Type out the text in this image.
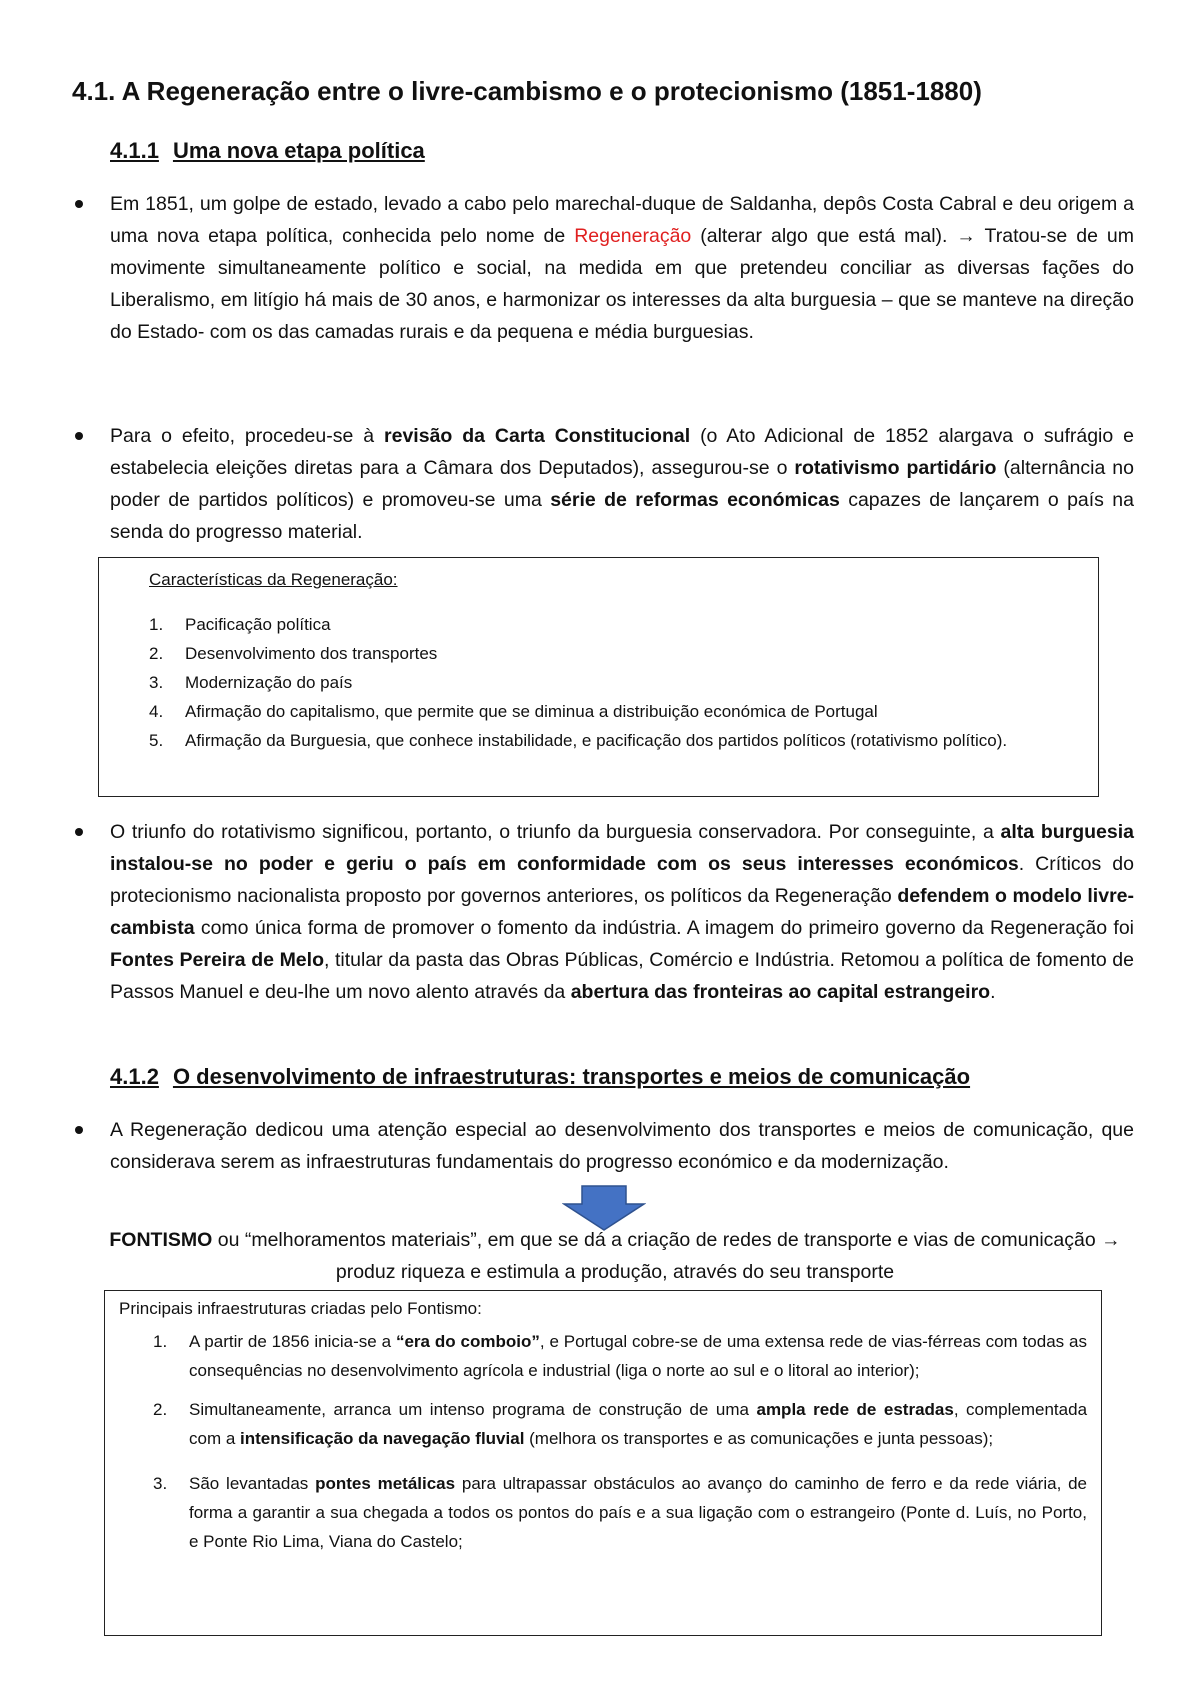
4.1. A Regeneração entre o livre-cambismo e o protecionismo (1851-1880)
4.1.1 Uma nova etapa política
Em 1851, um golpe de estado, levado a cabo pelo marechal-duque de Saldanha, depôs Costa Cabral e deu origem a uma nova etapa política, conhecida pelo nome de Regeneração (alterar algo que está mal). → Tratou-se de um movimente simultaneamente político e social, na medida em que pretendeu conciliar as diversas fações do Liberalismo, em litígio há mais de 30 anos, e harmonizar os interesses da alta burguesia – que se manteve na direção do Estado- com os das camadas rurais e da pequena e média burguesias.
Para o efeito, procedeu-se à revisão da Carta Constitucional (o Ato Adicional de 1852 alargava o sufrágio e estabelecia eleições diretas para a Câmara dos Deputados), assegurou-se o rotativismo partidário (alternância no poder de partidos políticos) e promoveu-se uma série de reformas económicas capazes de lançarem o país na senda do progresso material.
Características da Regeneração:
1. Pacificação política
2. Desenvolvimento dos transportes
3. Modernização do país
4. Afirmação do capitalismo, que permite que se diminua a distribuição económica de Portugal
5. Afirmação da Burguesia, que conhece instabilidade, e pacificação dos partidos políticos (rotativismo político).
O triunfo do rotativismo significou, portanto, o triunfo da burguesia conservadora. Por conseguinte, a alta burguesia instalou-se no poder e geriu o país em conformidade com os seus interesses económicos. Críticos do protecionismo nacionalista proposto por governos anteriores, os políticos da Regeneração defendem o modelo livre-cambista como única forma de promover o fomento da indústria. A imagem do primeiro governo da Regeneração foi Fontes Pereira de Melo, titular da pasta das Obras Públicas, Comércio e Indústria. Retomou a política de fomento de Passos Manuel e deu-lhe um novo alento através da abertura das fronteiras ao capital estrangeiro.
4.1.2 O desenvolvimento de infraestruturas: transportes e meios de comunicação
A Regeneração dedicou uma atenção especial ao desenvolvimento dos transportes e meios de comunicação, que considerava serem as infraestruturas fundamentais do progresso económico e da modernização.
FONTISMO ou “melhoramentos materiais”, em que se dá a criação de redes de transporte e vias de comunicação → produz riqueza e estimula a produção, através do seu transporte
Principais infraestruturas criadas pelo Fontismo:
1. A partir de 1856 inicia-se a “era do comboio”, e Portugal cobre-se de uma extensa rede de vias-férreas com todas as consequências no desenvolvimento agrícola e industrial (liga o norte ao sul e o litoral ao interior);
2. Simultaneamente, arranca um intenso programa de construção de uma ampla rede de estradas, complementada com a intensificação da navegação fluvial (melhora os transportes e as comunicações e junta pessoas);
3. São levantadas pontes metálicas para ultrapassar obstáculos ao avanço do caminho de ferro e da rede viária, de forma a garantir a sua chegada a todos os pontos do país e a sua ligação com o estrangeiro (Ponte d. Luís, no Porto, e Ponte Rio Lima, Viana do Castelo;
